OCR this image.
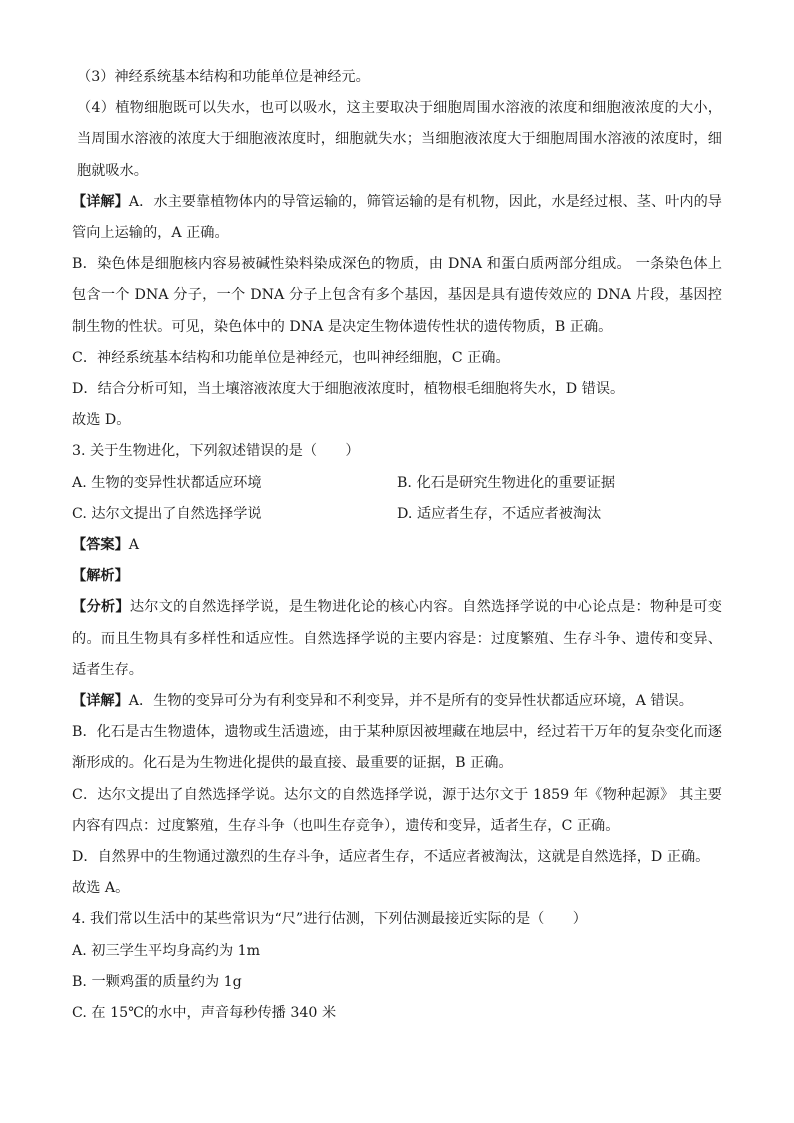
（3）神经系统基本结构和功能单位是神经元。

（4）植物细胞既可以失水，也可以吸水，这主要取决于细胞周围水溶液的浓度和细胞液浓度的大小，当周围水溶液的浓度大于细胞液浓度时，细胞就失水；当细胞液浓度大于细胞周围水溶液的浓度时，细胞就吸水。

【详解】A．水主要靠植物体内的导管运输的，筛管运输的是有机物，因此，水是经过根、茎、叶内的导管向上运输的，A 正确。

B．染色体是细胞核内容易被碱性染料染成深色的物质，由 DNA 和蛋白质两部分组成。 一条染色体上包含一个 DNA 分子，一个 DNA 分子上包含有多个基因，基因是具有遗传效应的 DNA 片段，基因控制生物的性状。可见，染色体中的 DNA 是决定生物体遗传性状的遗传物质，B 正确。

C．神经系统基本结构和功能单位是神经元，也叫神经细胞，C 正确。

D．结合分析可知，当土壤溶液浓度大于细胞液浓度时，植物根毛细胞将失水，D 错误。

故选 D。

3. 关于生物进化，下列叙述错误的是（　　）

A. 生物的变异性状都适应环境	B. 化石是研究生物进化的重要证据
C. 达尔文提出了自然选择学说	D. 适应者生存，不适应者被淘汰

【答案】A

【解析】

【分析】达尔文的自然选择学说，是生物进化论的核心内容。自然选择学说的中心论点是：物种是可变的。而且生物具有多样性和适应性。自然选择学说的主要内容是：过度繁殖、生存斗争、遗传和变异、适者生存。

【详解】A．生物的变异可分为有利变异和不利变异，并不是所有的变异性状都适应环境，A 错误。

B．化石是古生物遗体，遗物或生活遗迹，由于某种原因被埋藏在地层中，经过若干万年的复杂变化而逐渐形成的。化石是为生物进化提供的最直接、最重要的证据，B 正确。

C．达尔文提出了自然选择学说。达尔文的自然选择学说，源于达尔文于 1859 年《物种起源》 其主要内容有四点：过度繁殖，生存斗争（也叫生存竞争），遗传和变异，适者生存，C 正确。

D．自然界中的生物通过激烈的生存斗争，适应者生存，不适应者被淘汰，这就是自然选择，D 正确。

故选 A。

4. 我们常以生活中的某些常识为“尺”进行估测，下列估测最接近实际的是（　　）

A. 初三学生平均身高约为 1m

B. 一颗鸡蛋的质量约为 1g

C. 在 15℃的水中，声音每秒传播 340 米
